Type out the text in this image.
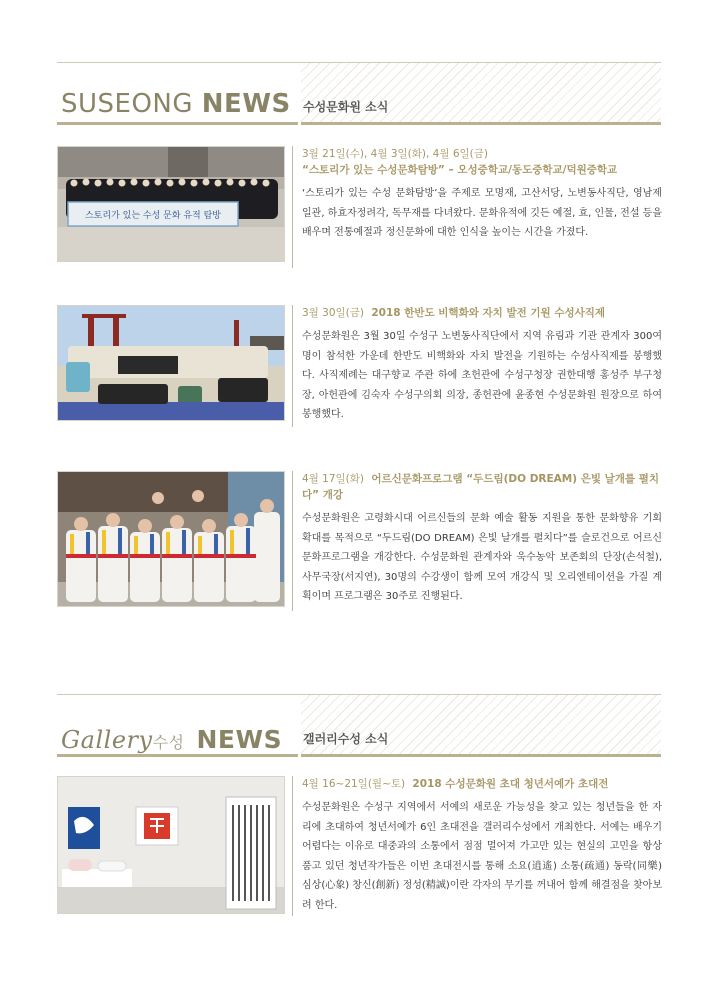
SUSEONG NEWS 수성문화원 소식
스토리가 있는 수성 문화 유적 탐방
3월 21일(수), 4월 3일(화), 4월 6일(금)
“스토리가 있는 수성문화탐방” – 오성중학교/동도중학교/덕원중학교
‘스토리가 있는 수성 문화탐방’을 주제로 모명재, 고산서당, 노변동사직단, 영남제일관, 하효자정려각, 독무재를 다녀왔다. 문화유적에 깃든 예절, 효, 인물, 전설 등을 배우며 전통예절과 정신문화에 대한 인식을 높이는 시간을 가졌다.
3월 30일(금) 2018 한반도 비핵화와 자치 발전 기원 수성사직제
수성문화원은 3월 30일 수성구 노변동사직단에서 지역 유림과 기관 관계자 300여명이 참석한 가운데 한반도 비핵화와 자치 발전을 기원하는 수성사직제를 봉행했다. 사직제례는 대구향교 주관 하에 초헌관에 수성구청장 권한대행 홍성주 부구청장, 아헌관에 김숙자 수성구의회 의장, 종헌관에 윤종현 수성문화원 원장으로 하여 봉행했다.
4월 17일(화) 어르신문화프로그램 “두드림(DO DREAM) 은빛 날개를 펼치다” 개강
수성문화원은 고령화시대 어르신들의 문화 예술 활동 지원을 통한 문화향유 기회 확대를 목적으로 “두드림(DO DREAM) 은빛 날개를 펼치다”를 슬로건으로 어르신 문화프로그램을 개강한다. 수성문화원 관계자와 욱수농악 보존회의 단장(손석철), 사무국장(서지연), 30명의 수강생이 함께 모여 개강식 및 오리엔테이션을 가질 계획이며 프로그램은 30주로 진행된다.
Gallery수성 NEWS 갤러리수성 소식
4월 16~21일(월~토) 2018 수성문화원 초대 청년서예가 초대전
수성문화원은 수성구 지역에서 서예의 새로운 가능성을 찾고 있는 청년들을 한 자리에 초대하여 청년서예가 6인 초대전을 갤러리수성에서 개최한다. 서예는 배우기 어렵다는 이유로 대중과의 소통에서 점점 멀어져 가고만 있는 현실의 고민을 항상 품고 있던 청년작가들은 이번 초대전시를 통해 소요(逍遙) 소통(疏通) 동락(同樂) 심상(心象) 창신(創新) 정성(精誠)이란 각자의 무기를 꺼내어 함께 해결점을 찾아보려 한다.
